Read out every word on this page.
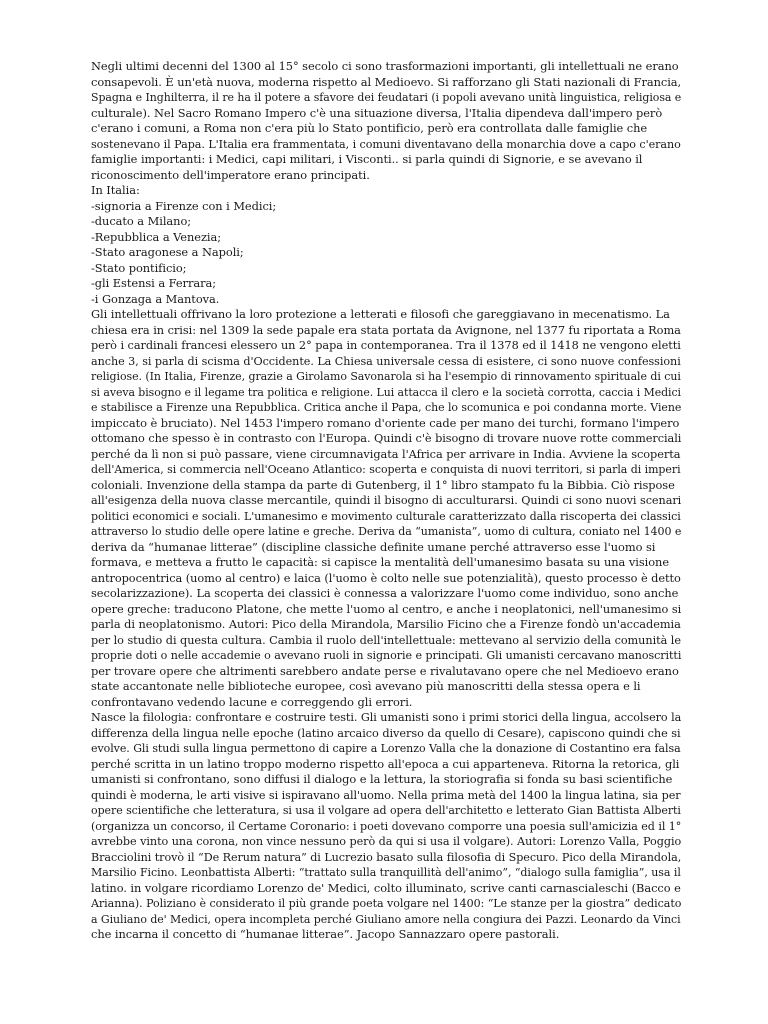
Negli ultimi decenni del 1300 al 15° secolo ci sono trasformazioni importanti, gli intellettuali ne erano
consapevoli. È un'età nuova, moderna rispetto al Medioevo. Si rafforzano gli Stati nazionali di Francia,
Spagna e Inghilterra, il re ha il potere a sfavore dei feudatari (i popoli avevano unità linguistica, religiosa e
culturale). Nel Sacro Romano Impero c'è una situazione diversa, l'Italia dipendeva dall'impero però
c'erano i comuni, a Roma non c'era più lo Stato pontificio, però era controllata dalle famiglie che
sostenevano il Papa. L'Italia era frammentata, i comuni diventavano della monarchia dove a capo c'erano
famiglie importanti: i Medici, capi militari, i Visconti.. si parla quindi di Signorie, e se avevano il
riconoscimento dell'imperatore erano principati.
In Italia:
-signoria a Firenze con i Medici;
-ducato a Milano;
-Repubblica a Venezia;
-Stato aragonese a Napoli;
-Stato pontificio;
-gli Estensi a Ferrara;
-i Gonzaga a Mantova.
Gli intellettuali offrivano la loro protezione a letterati e filosofi che gareggiavano in mecenatismo. La
chiesa era in crisi: nel 1309 la sede papale era stata portata da Avignone, nel 1377 fu riportata a Roma
però i cardinali francesi elessero un 2° papa in contemporanea. Tra il 1378 ed il 1418 ne vengono eletti
anche 3, si parla di scisma d'Occidente. La Chiesa universale cessa di esistere, ci sono nuove confessioni
religiose. (In Italia, Firenze, grazie a Girolamo Savonarola si ha l'esempio di rinnovamento spirituale di cui
si aveva bisogno e il legame tra politica e religione. Lui attacca il clero e la società corrotta, caccia i Medici
e stabilisce a Firenze una Repubblica. Critica anche il Papa, che lo scomunica e poi condanna morte. Viene
impiccato è bruciato). Nel 1453 l'impero romano d'oriente cade per mano dei turchi, formano l'impero
ottomano che spesso è in contrasto con l'Europa. Quindi c'è bisogno di trovare nuove rotte commerciali
perché da lì non si può passare, viene circumnavigata l'Africa per arrivare in India. Avviene la scoperta
dell'America, si commercia nell'Oceano Atlantico: scoperta e conquista di nuovi territori, si parla di imperi
coloniali. Invenzione della stampa da parte di Gutenberg, il 1° libro stampato fu la Bibbia. Ciò rispose
all'esigenza della nuova classe mercantile, quindi il bisogno di acculturarsi. Quindi ci sono nuovi scenari
politici economici e sociali. L'umanesimo e movimento culturale caratterizzato dalla riscoperta dei classici
attraverso lo studio delle opere latine e greche. Deriva da “umanista”, uomo di cultura, coniato nel 1400 e
deriva da “humanae litterae” (discipline classiche definite umane perché attraverso esse l'uomo si
formava, e metteva a frutto le capacità: si capisce la mentalità dell'umanesimo basata su una visione
antropocentrica (uomo al centro) e laica (l'uomo è colto nelle sue potenzialità), questo processo è detto
secolarizzazione). La scoperta dei classici è connessa a valorizzare l'uomo come individuo, sono anche
opere greche: traducono Platone, che mette l'uomo al centro, e anche i neoplatonici, nell'umanesimo si
parla di neoplatonismo. Autori: Pico della Mirandola, Marsilio Ficino che a Firenze fondò un'accademia
per lo studio di questa cultura. Cambia il ruolo dell'intellettuale: mettevano al servizio della comunità le
proprie doti o nelle accademie o avevano ruoli in signorie e principati. Gli umanisti cercavano manoscritti
per trovare opere che altrimenti sarebbero andate perse e rivalutavano opere che nel Medioevo erano
state accantonate nelle biblioteche europee, così avevano più manoscritti della stessa opera e li
confrontavano vedendo lacune e correggendo gli errori.
Nasce la filologia: confrontare e costruire testi. Gli umanisti sono i primi storici della lingua, accolsero la
differenza della lingua nelle epoche (latino arcaico diverso da quello di Cesare), capiscono quindi che si
evolve. Gli studi sulla lingua permettono di capire a Lorenzo Valla che la donazione di Costantino era falsa
perché scritta in un latino troppo moderno rispetto all'epoca a cui apparteneva. Ritorna la retorica, gli
umanisti si confrontano, sono diffusi il dialogo e la lettura, la storiografia si fonda su basi scientifiche
quindi è moderna, le arti visive si ispiravano all'uomo. Nella prima metà del 1400 la lingua latina, sia per
opere scientifiche che letteratura, si usa il volgare ad opera dell'architetto e letterato Gian Battista Alberti
(organizza un concorso, il Certame Coronario: i poeti dovevano comporre una poesia sull'amicizia ed il 1°
avrebbe vinto una corona, non vince nessuno però da qui si usa il volgare). Autori: Lorenzo Valla, Poggio
Bracciolini trovò il “De Rerum natura” di Lucrezio basato sulla filosofia di Specuro. Pico della Mirandola,
Marsilio Ficino. Leonbattista Alberti: “trattato sulla tranquillità dell'animo”, “dialogo sulla famiglia”, usa il
latino. in volgare ricordiamo Lorenzo de' Medici, colto illuminato, scrive canti carnascialeschi (Bacco e
Arianna). Poliziano è considerato il più grande poeta volgare nel 1400: “Le stanze per la giostra” dedicato
a Giuliano de' Medici, opera incompleta perché Giuliano amore nella congiura dei Pazzi. Leonardo da Vinci
che incarna il concetto di “humanae litterae”. Jacopo Sannazzaro opere pastorali.
